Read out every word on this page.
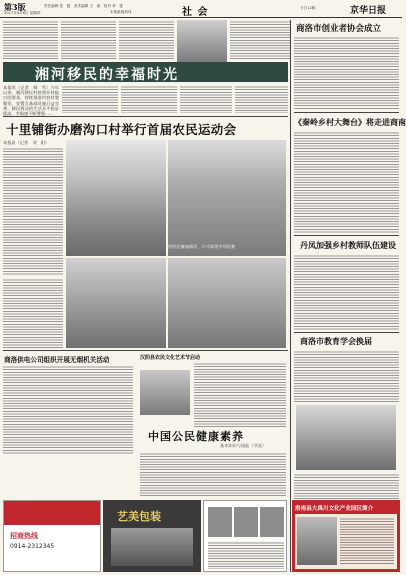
第3版
2017年4月6日 星期四
责任编辑 张　磊　美术编辑 王　燕　校对 李　雯
本报新闻热线	社 会	今日12版	京华日报
湘河移民的幸福时光
本报讯（记者　韩　雪）今年以来，湘河移民村按照乡村振兴的要求，持续推进村容村貌整治，安置点基础设施日益完善，移民群众的生活水平稳步提高，幸福感不断增强……
十里铺街办磨沟口村举行首届农民运动会
本报讯（记者　刘　阳）
村民们参加拔河、乒乓球等多项比赛
商洛供电公司组织开展无烟机关活动	汉阴县农民文化艺术节启动
中国公民健康素养
基本知识与技能（节选）
招商热线
0914-2312345
艺美包装
商洛市创业者协会成立
《秦岭乡村大舞台》将走进商南
丹凤加强乡村教师队伍建设
商洛市教育学会换届
洛南县大禹川文化产业园区简介
